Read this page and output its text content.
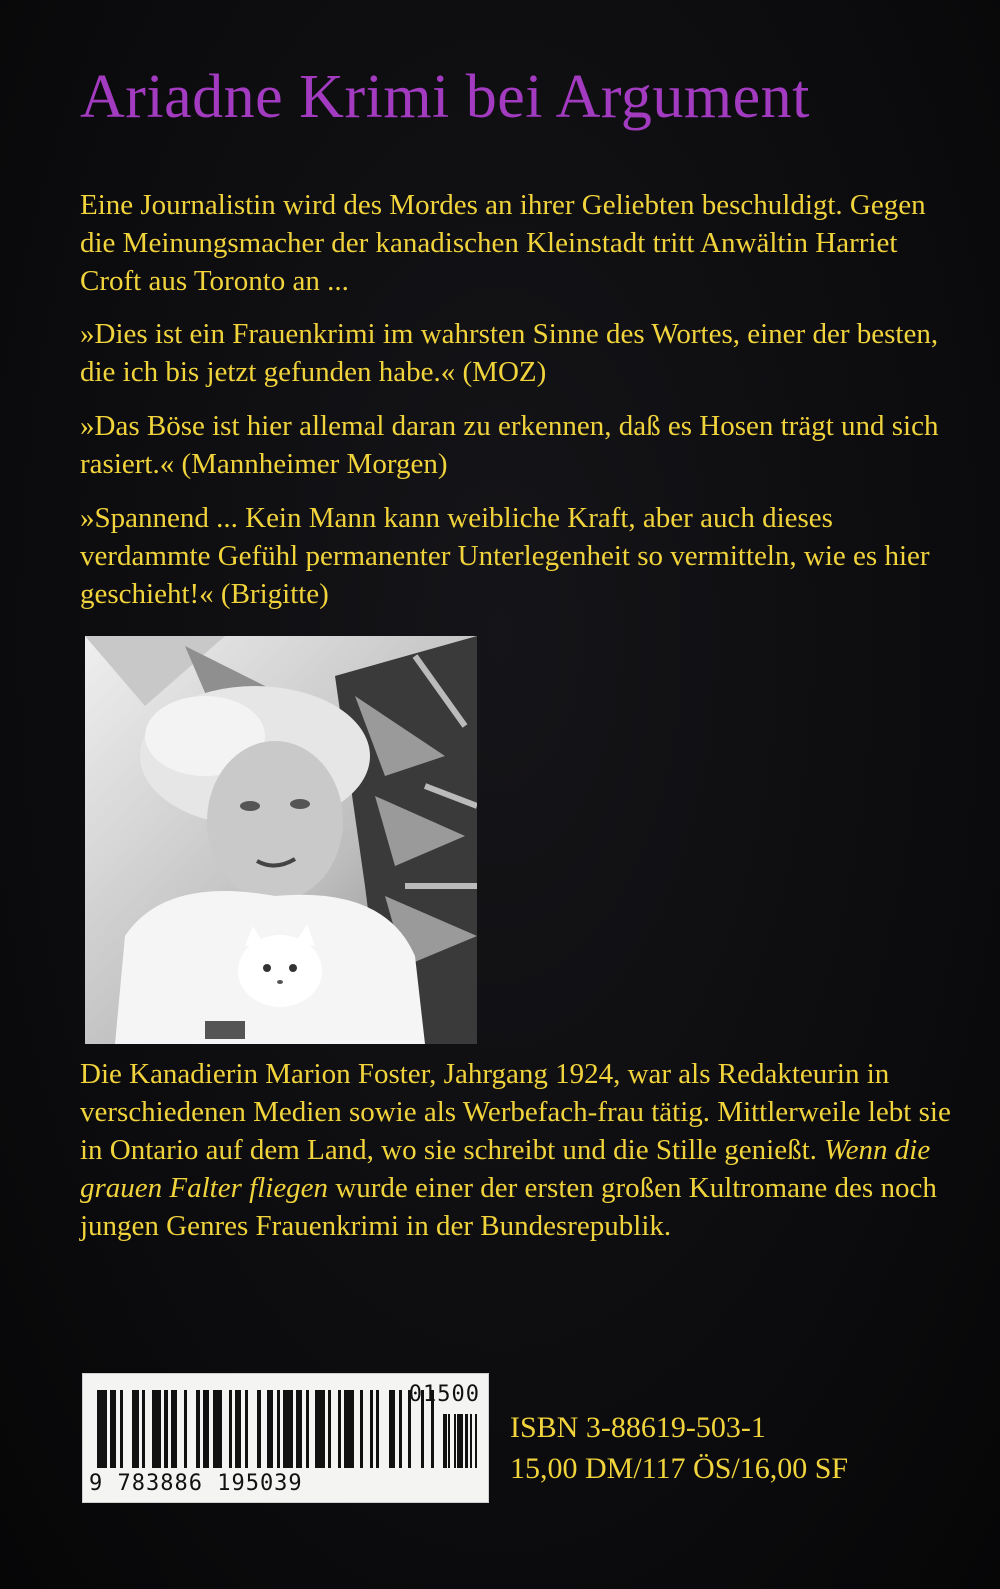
Ariadne Krimi bei Argument

Eine Journalistin wird des Mordes an ihrer Geliebten beschuldigt. Gegen die Meinungsmacher der kanadischen Kleinstadt tritt Anwältin Harriet Croft aus Toronto an ...

»Dies ist ein Frauenkrimi im wahrsten Sinne des Wortes, einer der besten, die ich bis jetzt gefunden habe.« (MOZ)

»Das Böse ist hier allemal daran zu erkennen, daß es Hosen trägt und sich rasiert.« (Mannheimer Morgen)

»Spannend ... Kein Mann kann weibliche Kraft, aber auch dieses verdammte Gefühl permanenter Unterlegenheit so vermitteln, wie es hier geschieht!« (Brigitte)

Die Kanadierin Marion Foster, Jahrgang 1924, war als Redakteurin in verschiedenen Medien sowie als Werbefach-frau tätig. Mittlerweile lebt sie in Ontario auf dem Land, wo sie schreibt und die Stille genießt. Wenn die grauen Falter fliegen wurde einer der ersten großen Kultromane des noch jungen Genres Frauenkrimi in der Bundesrepublik.

01500

9 783886 195039

ISBN 3-88619-503-1

15,00 DM/117 ÖS/16,00 SF
